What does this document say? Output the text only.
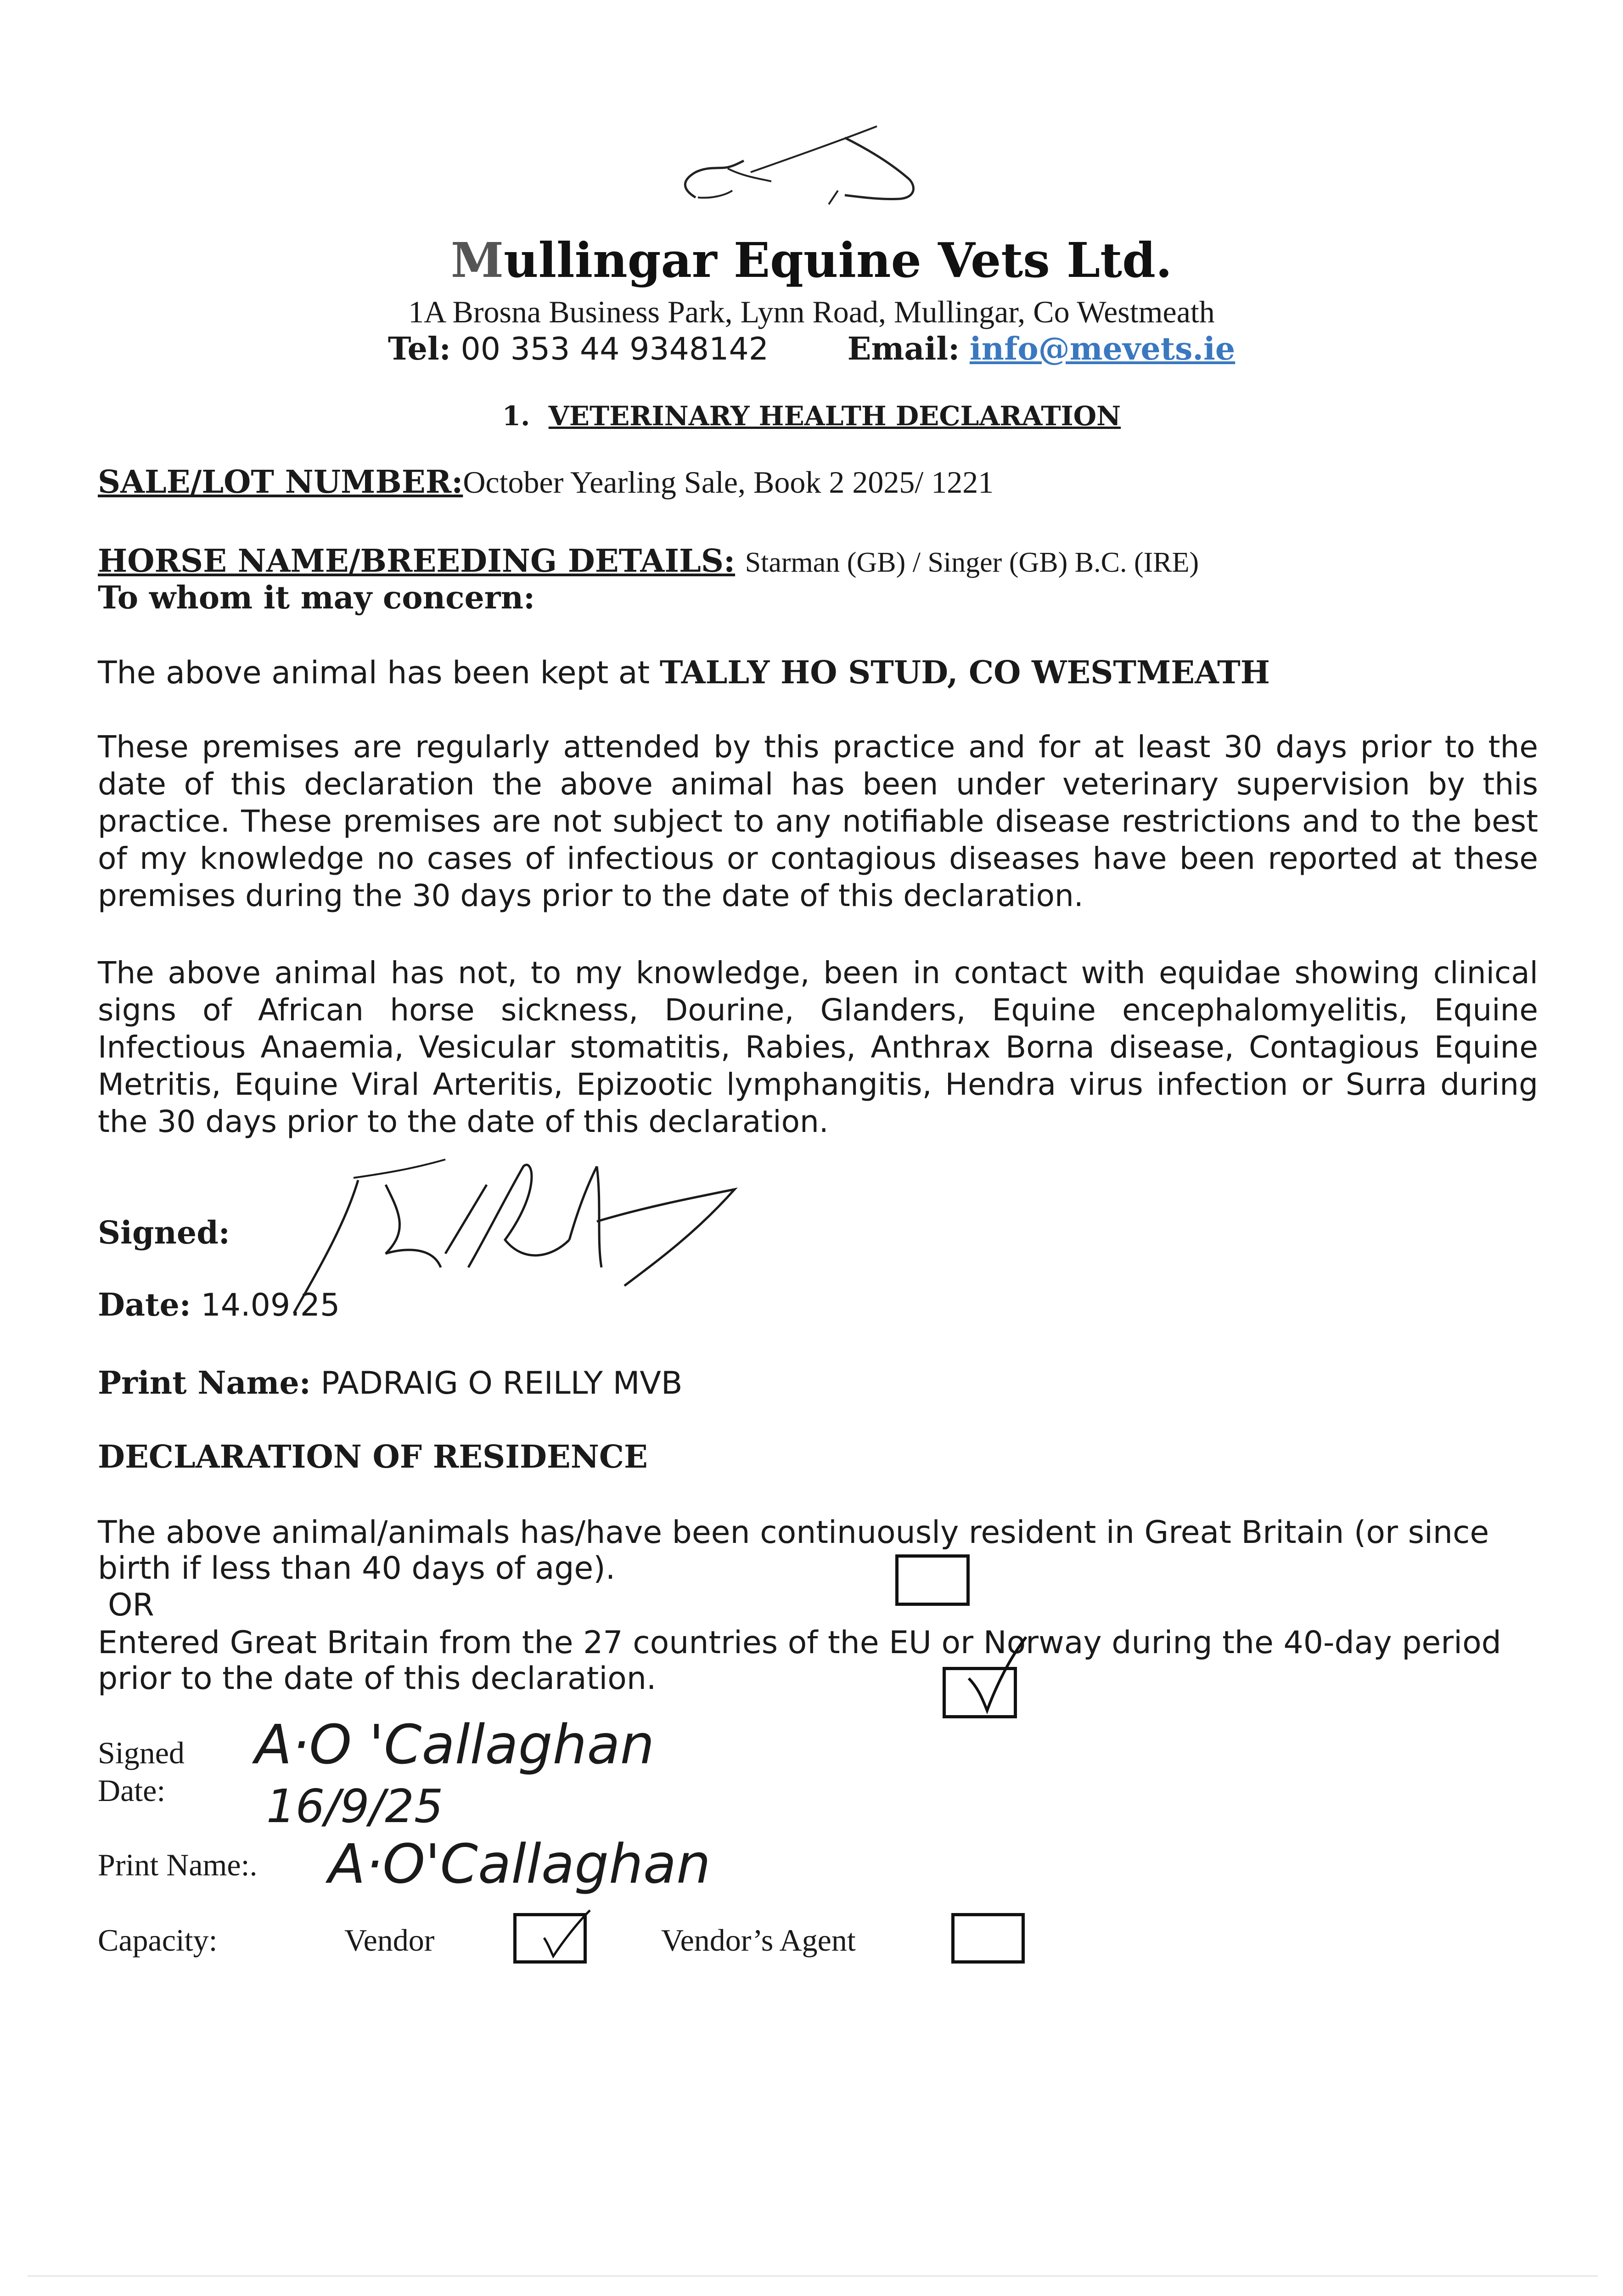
Mullingar Equine Vets Ltd.
1A Brosna Business Park, Lynn Road, Mullingar, Co Westmeath
Tel: 00 353 44 9348142	Email: info@mevets.ie
1. VETERINARY HEALTH DECLARATION
SALE/LOT NUMBER:October Yearling Sale, Book 2 2025/ 1221
HORSE NAME/BREEDING DETAILS: Starman (GB) / Singer (GB) B.C. (IRE)
To whom it may concern:
The above animal has been kept at TALLY HO STUD, CO WESTMEATH
These premises are regularly attended by this practice and for at least 30 days prior to the date of this declaration the above animal has been under veterinary supervision by this practice. These premises are not subject to any notifiable disease restrictions and to the best of my knowledge no cases of infectious or contagious diseases have been reported at these premises during the 30 days prior to the date of this declaration.
The above animal has not, to my knowledge, been in contact with equidae showing clinical signs of African horse sickness, Dourine, Glanders, Equine encephalomyelitis, Equine Infectious Anaemia, Vesicular stomatitis, Rabies, Anthrax Borna disease, Contagious Equine Metritis, Equine Viral Arteritis, Epizootic lymphangitis, Hendra virus infection or Surra during the 30 days prior to the date of this declaration.
Signed:
Date: 14.09.25
Print Name: PADRAIG O REILLY MVB
DECLARATION OF RESIDENCE
The above animal/animals has/have been continuously resident in Great Britain (or since
birth if less than 40 days of age).
OR
Entered Great Britain from the 27 countries of the EU or Norway during the 40-day period
prior to the date of this declaration.
Signed A·O 'Callaghan
Date: 16/9/25
Print Name:. A·O'Callaghan
Capacity:	Vendor	Vendor’s Agent
